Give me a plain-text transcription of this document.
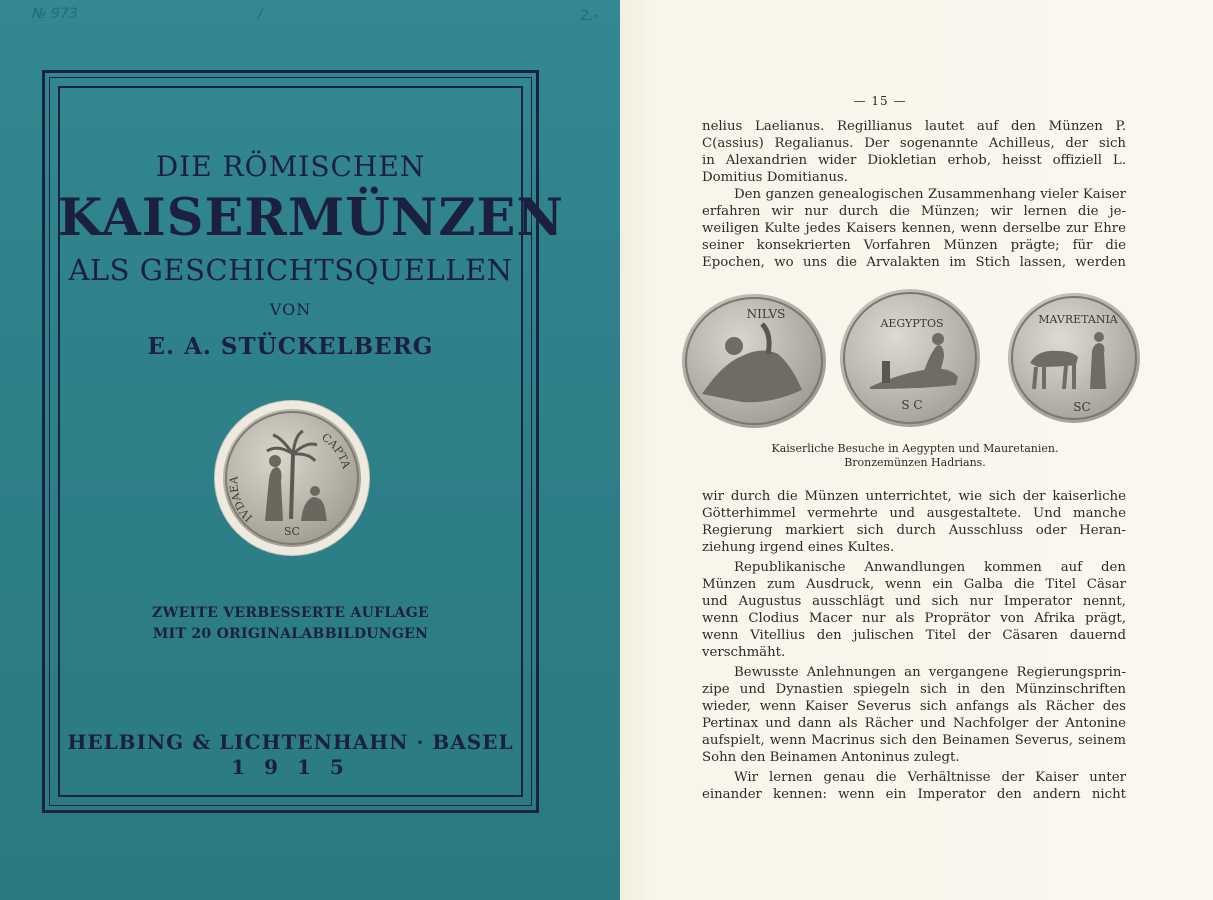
№ 973	/	2,-
DIE RÖMISCHEN
KAISERMÜNZEN
ALS GESCHICHTSQUELLEN
VON
E. A. STÜCKELBERG
IVDAEA
CAPTA
SC
ZWEITE VERBESSERTE AUFLAGE
MIT 20 ORIGINALABBILDUNGEN
HELBING & LICHTENHAHN · BASEL
1 9 1 5
— 15 —
nelius Laelianus. Regillianus lautet auf den Münzen P.
C(assius) Regalianus. Der sogenannte Achilleus, der sich
in Alexandrien wider Diokletian erhob, heisst offiziell L.
Domitius Domitianus.
Den ganzen genealogischen Zusammenhang vieler Kaiser
erfahren wir nur durch die Münzen; wir lernen die je-
weiligen Kulte jedes Kaisers kennen, wenn derselbe zur Ehre
seiner konsekrierten Vorfahren Münzen prägte; für die
Epochen, wo uns die Arvalakten im Stich lassen, werden
NILVS
AEGYPTOS
S C
MAVRETANIA
SC
Kaiserliche Besuche in Aegypten und Mauretanien.
Bronzemünzen Hadrians.
wir durch die Münzen unterrichtet, wie sich der kaiserliche
Götterhimmel vermehrte und ausgestaltete. Und manche
Regierung markiert sich durch Ausschluss oder Heran-
ziehung irgend eines Kultes.
Republikanische Anwandlungen kommen auf den
Münzen zum Ausdruck, wenn ein Galba die Titel Cäsar
und Augustus ausschlägt und sich nur Imperator nennt,
wenn Clodius Macer nur als Proprätor von Afrika prägt,
wenn Vitellius den julischen Titel der Cäsaren dauernd
verschmäht.
Bewusste Anlehnungen an vergangene Regierungsprin-
zipe und Dynastien spiegeln sich in den Münzinschriften
wieder, wenn Kaiser Severus sich anfangs als Rächer des
Pertinax und dann als Rächer und Nachfolger der Antonine
aufspielt, wenn Macrinus sich den Beinamen Severus, seinem
Sohn den Beinamen Antoninus zulegt.
Wir lernen genau die Verhältnisse der Kaiser unter
einander kennen: wenn ein Imperator den andern nicht
